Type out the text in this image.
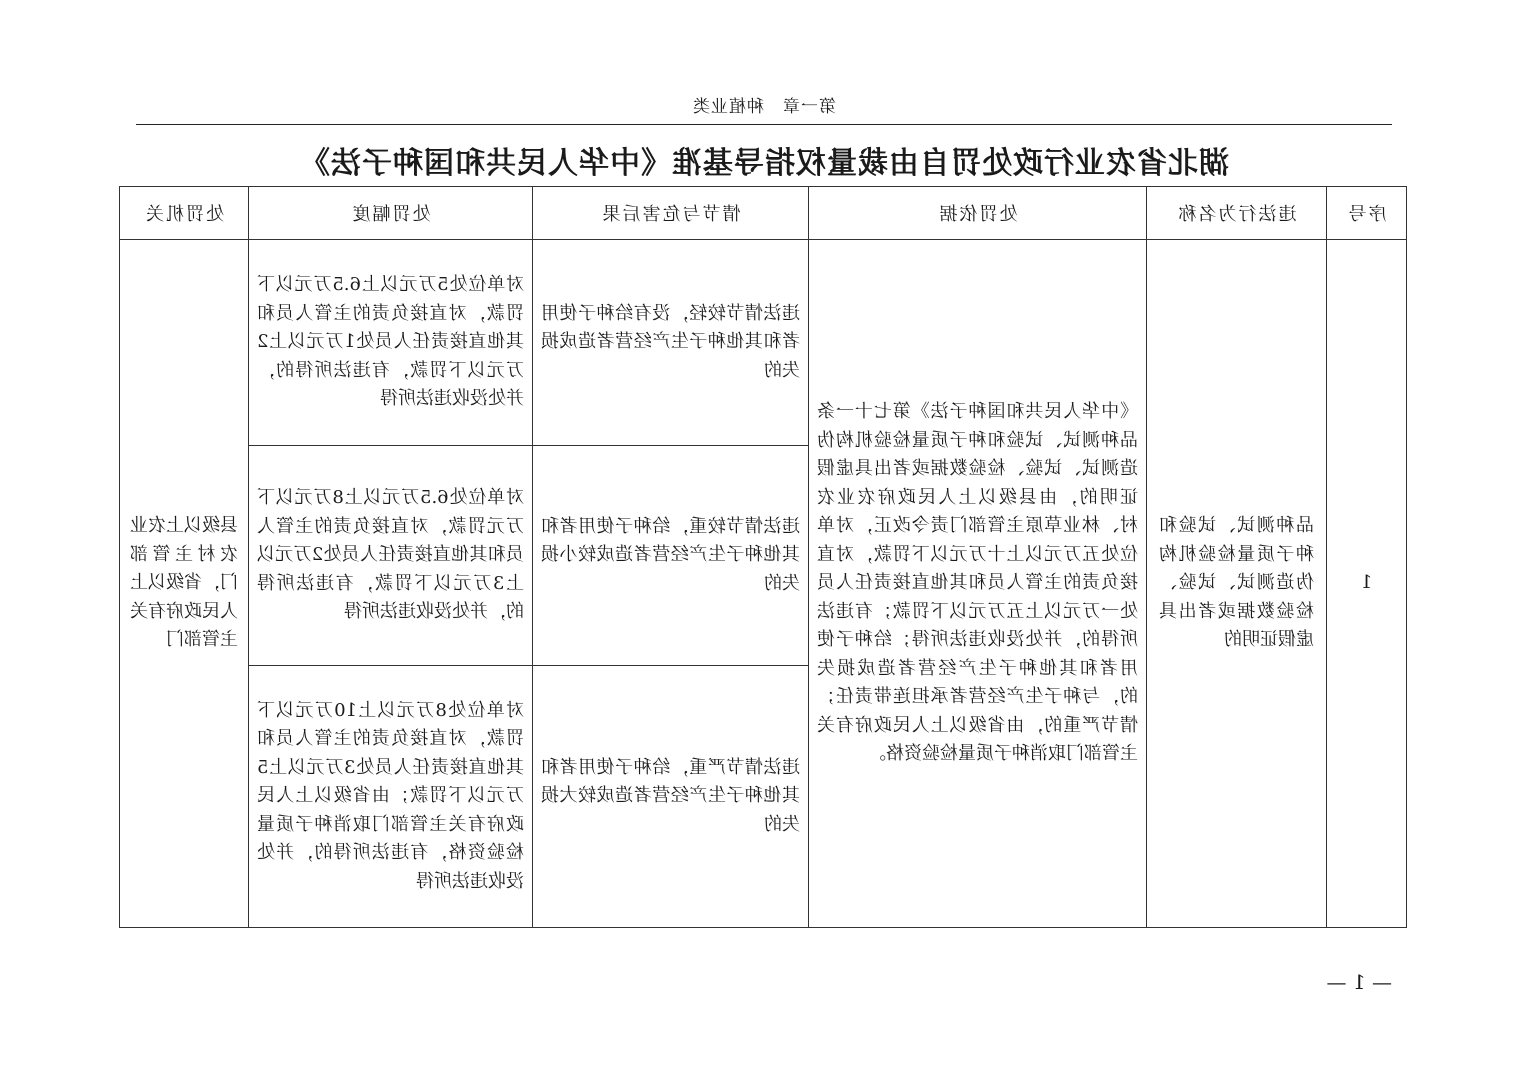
第一章　种植业类
湖北省农业行政处罚自由裁量权指导基准《中华人民共和国种子法》
序号	违法行为名称	处罚依据	情节与危害后果	处罚幅度	处罚机关
1	品种测试、试验和种子质量检验机构伪造测试、试验、检验数据或者出具虚假证明的	《中华人民共和国种子法》第七十一条　品种测试、试验和种子质量检验机构伪造测试、试验、检验数据或者出具虚假证明的，由县级以上人民政府农业农村、林业草原主管部门责令改正，对单位处五万元以上十万元以下罚款，对直接负责的主管人员和其他直接责任人员处一万元以上五万元以下罚款；有违法所得的，并处没收违法所得；给种子使用者和其他种子生产经营者造成损失的，与种子生产经营者承担连带责任；情节严重的，由省级以上人民政府有关主管部门取消种子质量检验资格。	违法情节较轻，没有给种子使用者和其他种子生产经营者造成损失的	对单位处5万元以上6.5万元以下罚款，对直接负责的主管人员和其他直接责任人员处1万元以上2万元以下罚款，有违法所得的，并处没收违法所得	县级以上农业农村主管部门，省级以上人民政府有关主管部门
			违法情节较重，给种子使用者和其他种子生产经营者造成较小损失的	对单位处6.5万元以上8万元以下万元罚款，对直接负责的主管人员和其他直接责任人员处2万元以上3万元以下罚款，有违法所得的，并处没收违法所得	
			违法情节严重，给种子使用者和其他种子生产经营者造成较大损失的	对单位处8万元以上10万元以下罚款，对直接负责的主管人员和其他直接责任人员处3万元以上5万元以下罚款；由省级以上人民政府有关主管部门取消种子质量检验资格，有违法所得的，并处没收违法所得	
— 1 —
